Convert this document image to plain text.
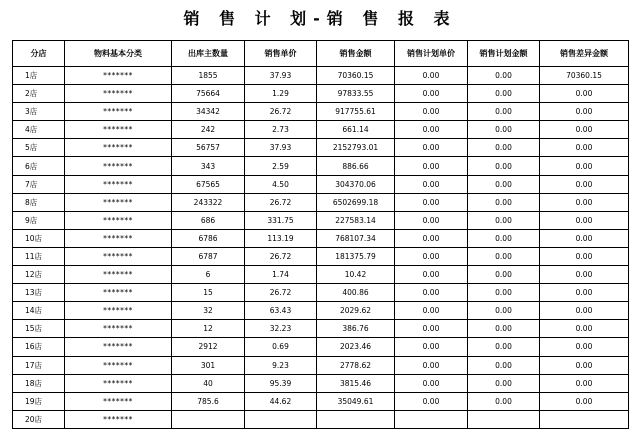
销 售 计 划-销 售 报 表
分店	物料基本分类	出库主数量	销售单价	销售金额	销售计划单价	销售计划金额	销售差异金额
1店	*******	1855	37.93	70360.15	0.00	0.00	70360.15
2店	*******	75664	1.29	97833.55	0.00	0.00	0.00
3店	*******	34342	26.72	917755.61	0.00	0.00	0.00
4店	*******	242	2.73	661.14	0.00	0.00	0.00
5店	*******	56757	37.93	2152793.01	0.00	0.00	0.00
6店	*******	343	2.59	886.66	0.00	0.00	0.00
7店	*******	67565	4.50	304370.06	0.00	0.00	0.00
8店	*******	243322	26.72	6502699.18	0.00	0.00	0.00
9店	*******	686	331.75	227583.14	0.00	0.00	0.00
10店	*******	6786	113.19	768107.34	0.00	0.00	0.00
11店	*******	6787	26.72	181375.79	0.00	0.00	0.00
12店	*******	6	1.74	10.42	0.00	0.00	0.00
13店	*******	15	26.72	400.86	0.00	0.00	0.00
14店	*******	32	63.43	2029.62	0.00	0.00	0.00
15店	*******	12	32.23	386.76	0.00	0.00	0.00
16店	*******	2912	0.69	2023.46	0.00	0.00	0.00
17店	*******	301	9.23	2778.62	0.00	0.00	0.00
18店	*******	40	95.39	3815.46	0.00	0.00	0.00
19店	*******	785.6	44.62	35049.61	0.00	0.00	0.00
20店	*******						
